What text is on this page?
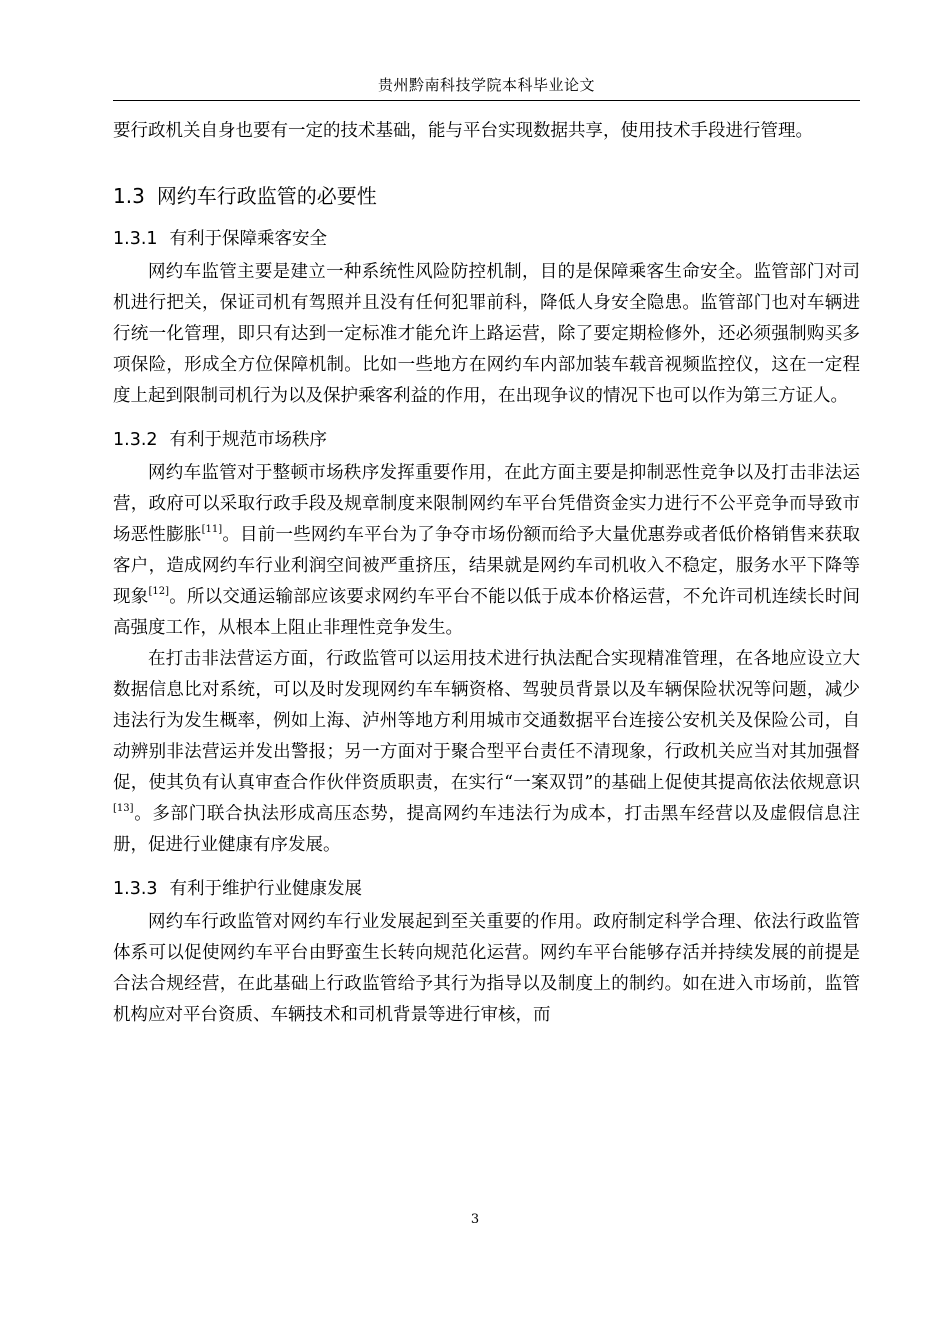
贵州黔南科技学院本科毕业论文

要行政机关自身也要有一定的技术基础，能与平台实现数据共享，使用技术手段进行管理。

1.3 网约车行政监管的必要性
1.3.1 有利于保障乘客安全

网约车监管主要是建立一种系统性风险防控机制，目的是保障乘客生命安全。监管部门对司机进行把关，保证司机有驾照并且没有任何犯罪前科，降低人身安全隐患。监管部门也对车辆进行统一化管理，即只有达到一定标准才能允许上路运营，除了要定期检修外，还必须强制购买多项保险，形成全方位保障机制。比如一些地方在网约车内部加装车载音视频监控仪，这在一定程度上起到限制司机行为以及保护乘客利益的作用，在出现争议的情况下也可以作为第三方证人。

1.3.2 有利于规范市场秩序

网约车监管对于整顿市场秩序发挥重要作用，在此方面主要是抑制恶性竞争以及打击非法运营，政府可以采取行政手段及规章制度来限制网约车平台凭借资金实力进行不公平竞争而导致市场恶性膨胀[11]。目前一些网约车平台为了争夺市场份额而给予大量优惠券或者低价格销售来获取客户，造成网约车行业利润空间被严重挤压，结果就是网约车司机收入不稳定，服务水平下降等现象[12]。所以交通运输部应该要求网约车平台不能以低于成本价格运营，不允许司机连续长时间高强度工作，从根本上阻止非理性竞争发生。

在打击非法营运方面，行政监管可以运用技术进行执法配合实现精准管理，在各地应设立大数据信息比对系统，可以及时发现网约车车辆资格、驾驶员背景以及车辆保险状况等问题，减少违法行为发生概率，例如上海、泸州等地方利用城市交通数据平台连接公安机关及保险公司，自动辨别非法营运并发出警报；另一方面对于聚合型平台责任不清现象，行政机关应当对其加强督促，使其负有认真审查合作伙伴资质职责，在实行“一案双罚”的基础上促使其提高依法依规意识[13]。多部门联合执法形成高压态势，提高网约车违法行为成本，打击黑车经营以及虚假信息注册，促进行业健康有序发展。

1.3.3 有利于维护行业健康发展

网约车行政监管对网约车行业发展起到至关重要的作用。政府制定科学合理、依法行政监管体系可以促使网约车平台由野蛮生长转向规范化运营。网约车平台能够存活并持续发展的前提是合法合规经营，在此基础上行政监管给予其行为指导以及制度上的制约。如在进入市场前，监管机构应对平台资质、车辆技术和司机背景等进行审核，而

3
